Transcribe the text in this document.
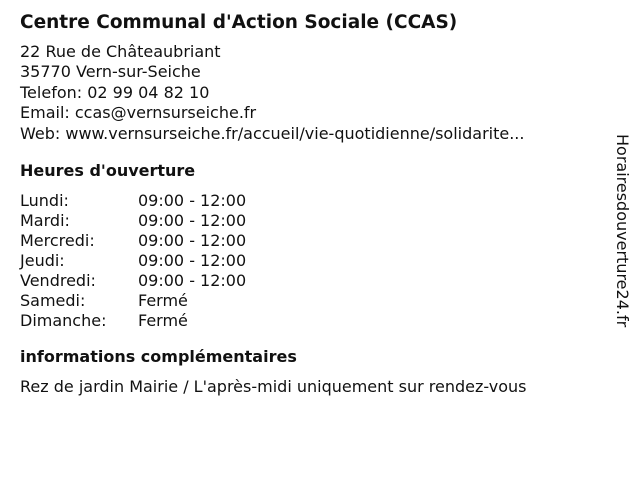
Centre Communal d'Action Sociale (CCAS)
22 Rue de Châteaubriant
35770 Vern-sur-Seiche
Telefon: 02 99 04 82 10
Email: ccas@vernsurseiche.fr
Web: www.vernsurseiche.fr/accueil/vie-quotidienne/solidarite...
Heures d'ouverture
Lundi:	09:00 - 12:00
Mardi:	09:00 - 12:00
Mercredi:	09:00 - 12:00
Jeudi:	09:00 - 12:00
Vendredi:	09:00 - 12:00
Samedi:	Fermé
Dimanche:	Fermé
informations complémentaires
Rez de jardin Mairie / L'après-midi uniquement sur rendez-vous
Horairesdouverture24.fr
